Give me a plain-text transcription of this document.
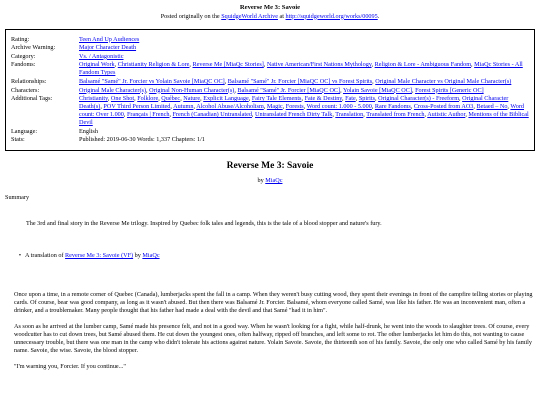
Reverse Me 3: Savoie
Posted originally on the SquidgeWorld Archive at http://squidgeworld.org/works/00095.
Rating:	Teen And Up Audiences
Archive Warning:	Major Character Death
Category:	Vs. / Antagonistic
Fandoms:	Original Work, Christianity Religion & Lore, Reverse Me [MiaQc Stories], Native American/First Nations Mythology, Religion & Lore - Ambiguous Fandom, MiaQc Stories - All Fandom Types
Relationships:	Balsamé "Samé" Jr. Forcier vs Yolain Savoie [MiaQC OC], Balsamé "Samé" Jr. Forcier [MiaQC OC] vs Forest Spirits, Original Male Character vs Original Male Character(s)
Characters:	Original Male Character(s), Original Non-Human Character(s), Balsamé "Samé" Jr. Forcier [MiaQC OC], Yolain Savoie [MiaQC OC], Forest Spirits [Generic OC]
Additional Tags:	Christianity, One Shot, Folklore, Québec, Nature, Explicit Language, Fairy Tale Elements, Fate & Destiny, Fate, Spirits, Original Character(s) - Freeform, Original Character Death(s), POV Third Person Limited, Autumn, Alcohol Abuse/Alcoholism, Magic, Forests, Word count: 1.000 - 5.000, Rare Fandoms, Cross-Posted from AO3, Betaed – No, Word count: Over 1.000, Français | French, French (Canadian) Untranslated, Untranslated French Dirty Talk, Translation, Translated from French, Autistic Author, Mentions of the Biblical Devil
Language:	English
Stats:	Published: 2019-06-30 Words: 1,337 Chapters: 1/1
Reverse Me 3: Savoie
by MiaQc
Summary
The 3rd and final story in the Reverse Me trilogy. Inspired by Quebec folk tales and legends, this is the tale of a blood stopper and nature's fury.
• A translation of Reverse Me 3: Savoie (VF) by MiaQc

Once upon a time, in a remote corner of Quebec (Canada), lumberjacks spent the fall in a camp. When they weren't busy cutting wood, they spent their evenings in front of the campfire telling stories or playing cards. Of course, bear was good company, as long as it wasn't abused. But then there was Balsamé Jr. Forcier. Balsamé, whom everyone called Samé, was like his father. He was an inconvenient man, often a drinker, and a troublemaker. Many people thought that his father had made a deal with the devil and that Samé "had it in him".

As soon as he arrived at the lumber camp, Samé made his presence felt, and not in a good way. When he wasn't looking for a fight, while half-drunk, he went into the woods to slaughter trees. Of course, every woodcutter has to cut down trees, but Samé abused them. He cut down the youngest ones, often halfway, ripped off branches, and left some to rot. The other lumberjacks let him do this, not wanting to cause unnecessary trouble, but there was one man in the camp who didn't tolerate his actions against nature. Yolain Savoie. Savoie, the thirteenth son of his family. Savoie, the only one who called Samé by his family name. Savoie, the wise. Savoie, the blood stopper.

"I'm warning you, Forcier. If you continue..."
